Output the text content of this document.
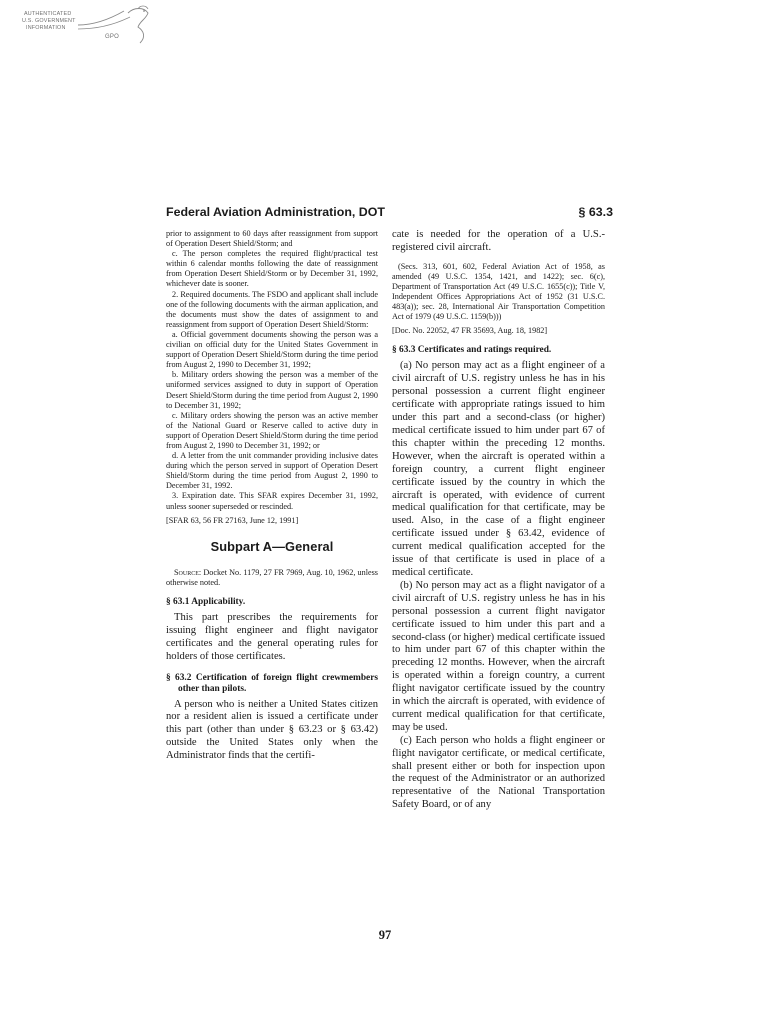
AUTHENTICATED
U.S. GOVERNMENT
INFORMATION
GPO
Federal Aviation Administration, DOT	§ 63.3

prior to assignment to 60 days after reassignment from support of Operation Desert Shield/Storm; and

c. The person completes the required flight/practical test within 6 calendar months following the date of reassignment from Operation Desert Shield/Storm or by December 31, 1992, whichever date is sooner.

2. Required documents. The FSDO and applicant shall include one of the following documents with the airman application, and the documents must show the dates of assignment to and reassignment from support of Operation Desert Shield/Storm:

a. Official government documents showing the person was a civilian on official duty for the United States Government in support of Operation Desert Shield/Storm during the time period from August 2, 1990 to December 31, 1992;

b. Military orders showing the person was a member of the uniformed services assigned to duty in support of Operation Desert Shield/Storm during the time period from August 2, 1990 to December 31, 1992;

c. Military orders showing the person was an active member of the National Guard or Reserve called to active duty in support of Operation Desert Shield/Storm during the time period from August 2, 1990 to December 31, 1992; or

d. A letter from the unit commander providing inclusive dates during which the person served in support of Operation Desert Shield/Storm during the time period from August 2, 1990 to December 31, 1992.

3. Expiration date. This SFAR expires December 31, 1992, unless sooner superseded or rescinded.

[SFAR 63, 56 FR 27163, June 12, 1991]

Subpart A—General

Source: Docket No. 1179, 27 FR 7969, Aug. 10, 1962, unless otherwise noted.

§ 63.1 Applicability.

This part prescribes the requirements for issuing flight engineer and flight navigator certificates and the general operating rules for holders of those certificates.

§ 63.2 Certification of foreign flight crewmembers other than pilots.

A person who is neither a United States citizen nor a resident alien is issued a certificate under this part (other than under § 63.23 or § 63.42) outside the United States only when the Administrator finds that the certifi-

cate is needed for the operation of a U.S.-registered civil aircraft.

(Secs. 313, 601, 602, Federal Aviation Act of 1958, as amended (49 U.S.C. 1354, 1421, and 1422); sec. 6(c), Department of Transportation Act (49 U.S.C. 1655(c)); Title V, Independent Offices Appropriations Act of 1952 (31 U.S.C. 483(a)); sec. 28, International Air Transportation Competition Act of 1979 (49 U.S.C. 1159(b)))

[Doc. No. 22052, 47 FR 35693, Aug. 18, 1982]

§ 63.3 Certificates and ratings required.

(a) No person may act as a flight engineer of a civil aircraft of U.S. registry unless he has in his personal possession a current flight engineer certificate with appropriate ratings issued to him under this part and a second-class (or higher) medical certificate issued to him under part 67 of this chapter within the preceding 12 months. However, when the aircraft is operated within a foreign country, a current flight engineer certificate issued by the country in which the aircraft is operated, with evidence of current medical qualification for that certificate, may be used. Also, in the case of a flight engineer certificate issued under § 63.42, evidence of current medical qualification accepted for the issue of that certificate is used in place of a medical certificate.

(b) No person may act as a flight navigator of a civil aircraft of U.S. registry unless he has in his personal possession a current flight navigator certificate issued to him under this part and a second-class (or higher) medical certificate issued to him under part 67 of this chapter within the preceding 12 months. However, when the aircraft is operated within a foreign country, a current flight navigator certificate issued by the country in which the aircraft is operated, with evidence of current medical qualification for that certificate, may be used.

(c) Each person who holds a flight engineer or flight navigator certificate, or medical certificate, shall present either or both for inspection upon the request of the Administrator or an authorized representative of the National Transportation Safety Board, or of any

97
